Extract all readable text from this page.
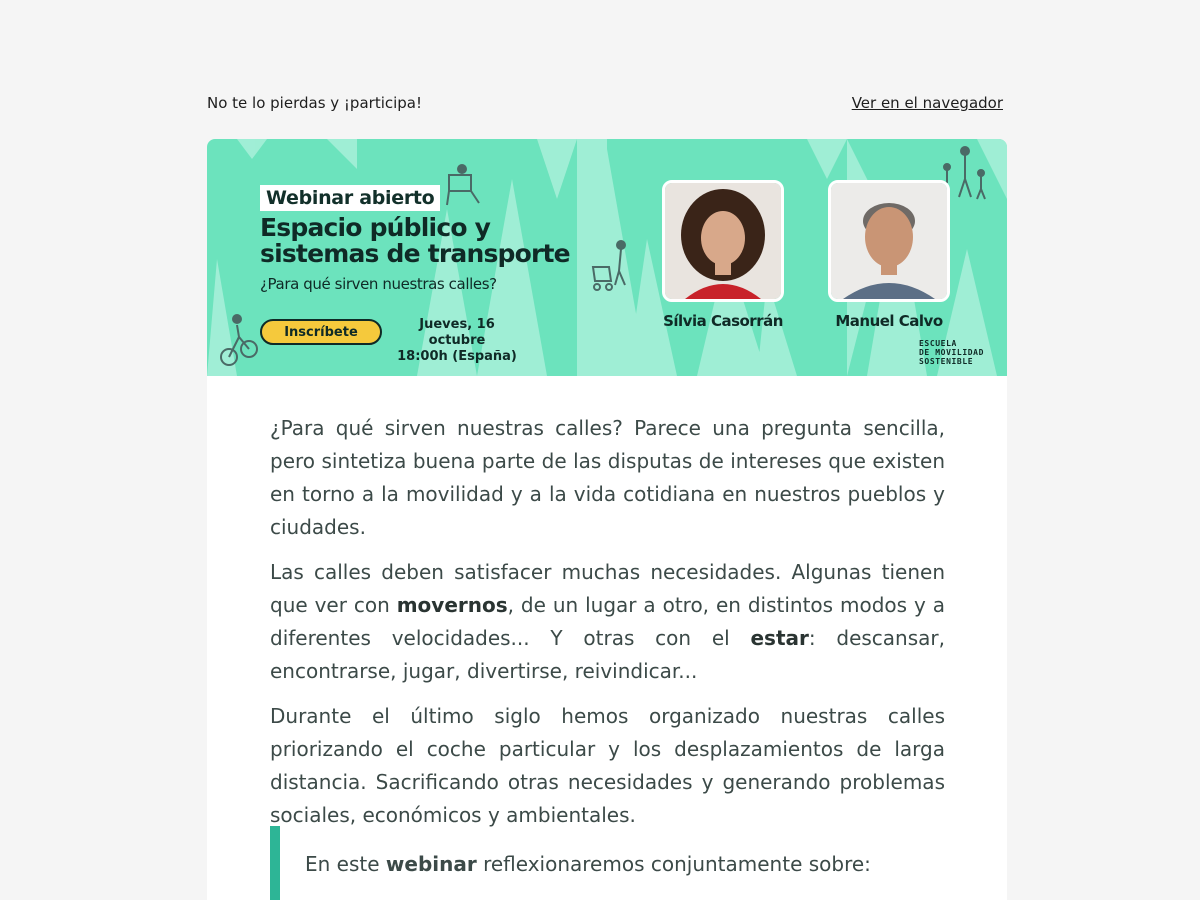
No te lo pierdas y ¡participa!	Ver en el navegador
Webinar abierto
Espacio público y
sistemas de transporte
¿Para qué sirven nuestras calles?
Inscríbete	Jueves, 16 octubre
18:00h (España)
Sílvia Casorrán	Manuel Calvo
ESCUELA
DE MOVILIDAD
SOSTENIBLE

¿Para qué sirven nuestras calles? Parece una pregunta sencilla, pero sintetiza buena parte de las disputas de intereses que existen en torno a la movilidad y a la vida cotidiana en nuestros pueblos y ciudades.

Las calles deben satisfacer muchas necesidades. Algunas tienen que ver con movernos, de un lugar a otro, en distintos modos y a diferentes velocidades... Y otras con el estar: descansar, encontrarse, jugar, divertirse, reivindicar...

Durante el último siglo hemos organizado nuestras calles priorizando el coche particular y los desplazamientos de larga distancia. Sacrificando otras necesidades y generando problemas sociales, económicos y ambientales.

En este webinar reflexionaremos conjuntamente sobre:
